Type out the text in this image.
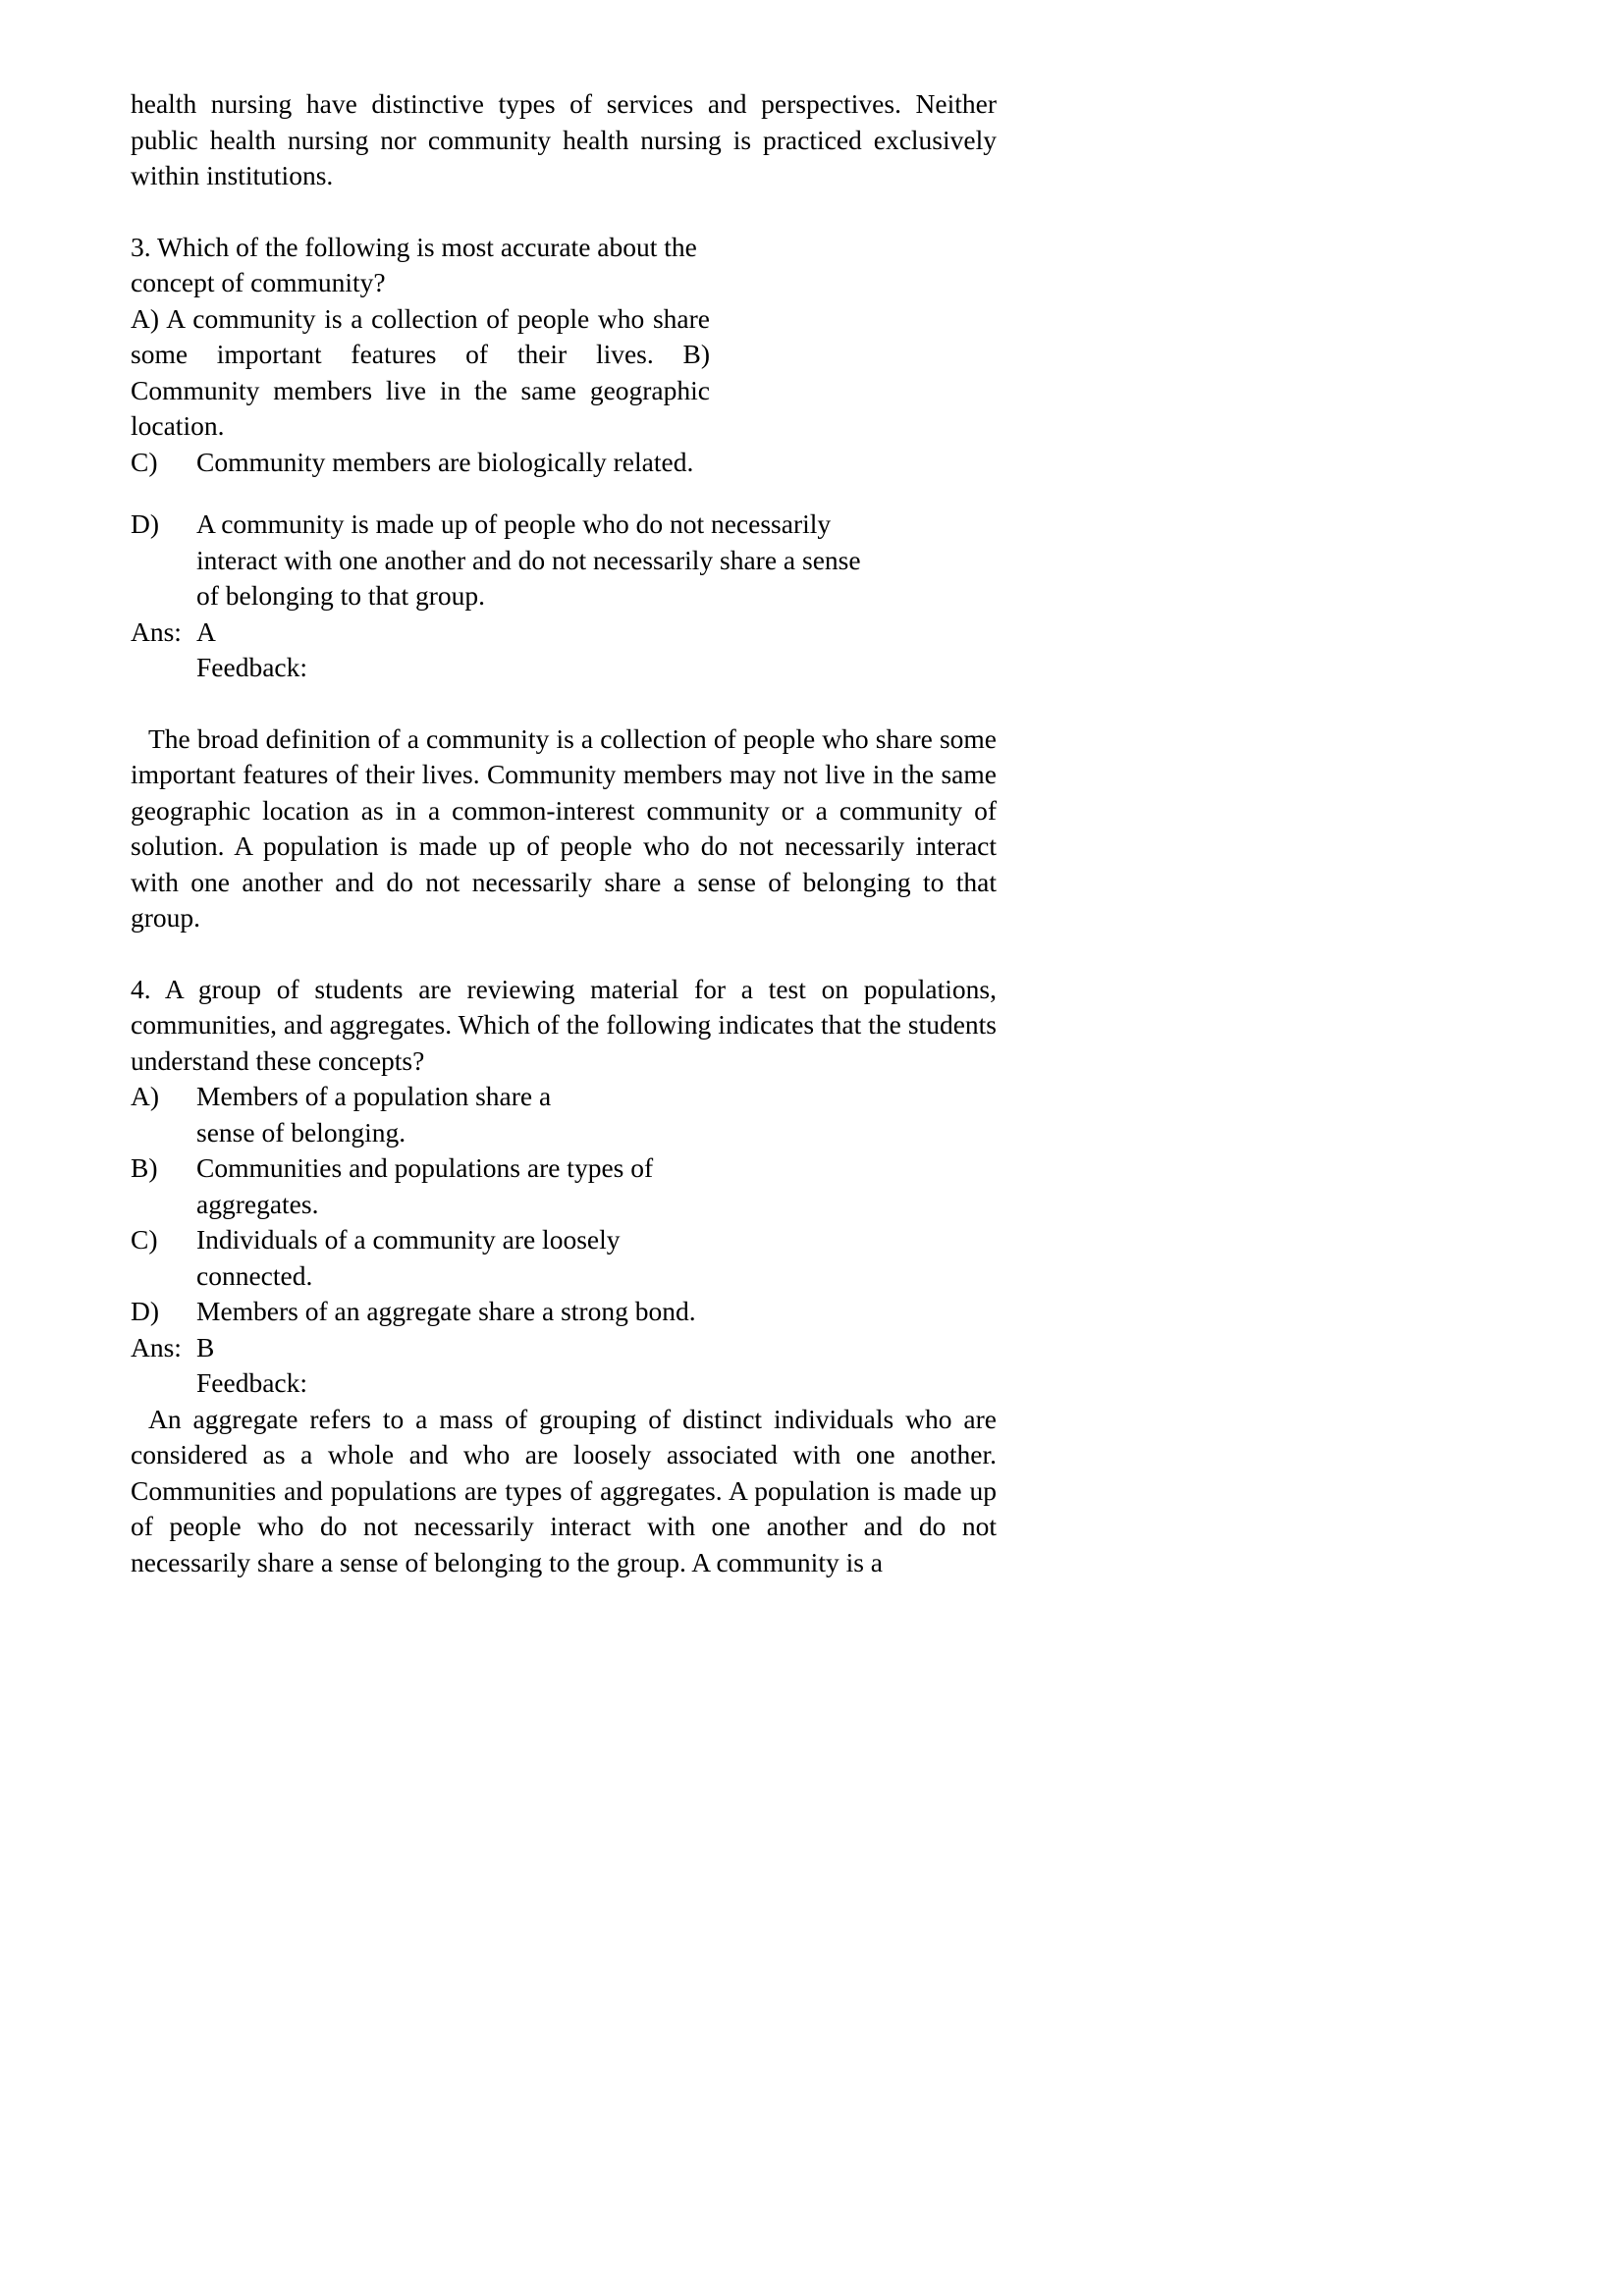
health nursing have distinctive types of services and perspectives. Neither public health nursing nor community health nursing is practiced exclusively within institutions.

3. Which of the following is most accurate about the

concept of community?

A) A community is a collection of people who share some important features of their lives. B) Community members live in the same geographic location.

C)	Community members are biologically related.
D)	A community is made up of people who do not necessarily interact with one another and do not necessarily share a sense of belonging to that group.
Ans: A
Feedback:

The broad definition of a community is a collection of people who share some important features of their lives. Community members may not live in the same geographic location as in a common-interest community or a community of solution. A population is made up of people who do not necessarily interact with one another and do not necessarily share a sense of belonging to that group.

4. A group of students are reviewing material for a test on populations, communities, and aggregates. Which of the following indicates that the students understand these concepts?

A)	Members of a population share a sense of belonging.
B)	Communities and populations are types of aggregates.
C)	Individuals of a community are loosely connected.
D)	Members of an aggregate share a strong bond.
Ans: B
Feedback:

An aggregate refers to a mass of grouping of distinct individuals who are considered as a whole and who are loosely associated with one another. Communities and populations are types of aggregates. A population is made up of people who do not necessarily interact with one another and do not necessarily share a sense of belonging to the group. A community is a
